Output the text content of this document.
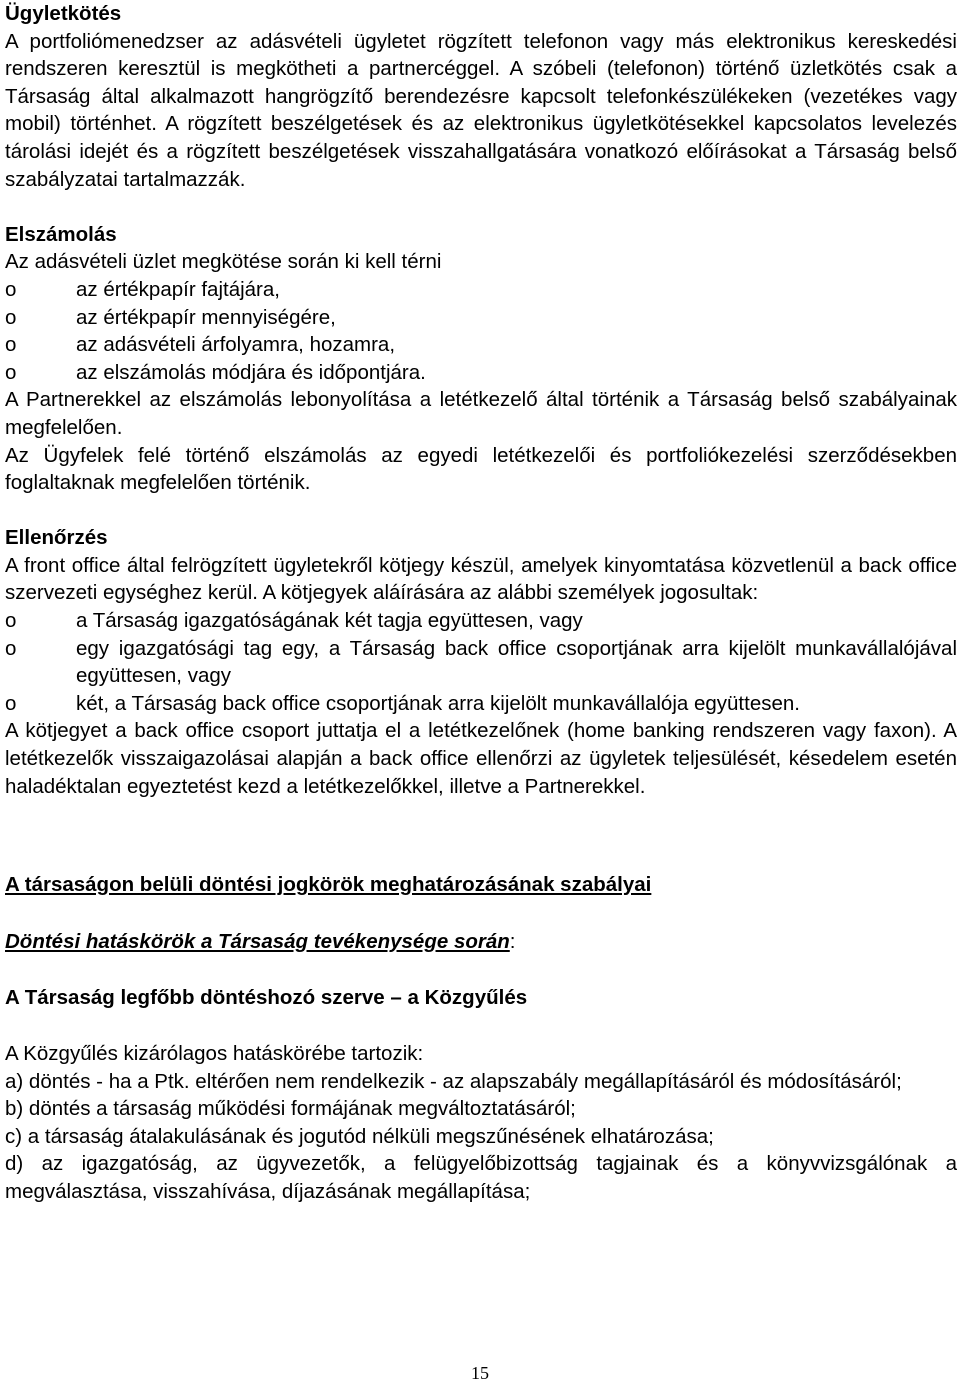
Ügyletkötés

A portfoliómenedzser az adásvételi ügyletet rögzített telefonon vagy más elektronikus kereskedési rendszeren keresztül is megkötheti a partnercéggel. A szóbeli (telefonon) történő üzletkötés csak a Társaság által alkalmazott hangrögzítő berendezésre kapcsolt telefonkészülékeken (vezetékes vagy mobil) történhet. A rögzített beszélgetések és az elektronikus ügyletkötésekkel kapcsolatos levelezés tárolási idejét és a rögzített beszélgetések visszahallgatására vonatkozó előírásokat a Társaság belső szabályzatai tartalmazzák.

Elszámolás

Az adásvételi üzlet megkötése során ki kell térni

o	az értékpapír fajtájára,
o	az értékpapír mennyiségére,
o	az adásvételi árfolyamra, hozamra,
o	az elszámolás módjára és időpontjára.

A Partnerekkel az elszámolás lebonyolítása a letétkezelő által történik a Társaság belső szabályainak megfelelően.

Az Ügyfelek felé történő elszámolás az egyedi letétkezelői és portfoliókezelési szerződésekben foglaltaknak megfelelően történik.

Ellenőrzés

A front office által felrögzített ügyletekről kötjegy készül, amelyek kinyomtatása közvetlenül a back office szervezeti egységhez kerül. A kötjegyek aláírására az alábbi személyek jogosultak:

o	a Társaság igazgatóságának két tagja együttesen, vagy
o	egy igazgatósági tag egy, a Társaság back office csoportjának arra kijelölt munkavállalójával együttesen, vagy
o	két, a Társaság back office csoportjának arra kijelölt munkavállalója együttesen.

A kötjegyet a back office csoport juttatja el a letétkezelőnek (home banking rendszeren vagy faxon). A letétkezelők visszaigazolásai alapján a back office ellenőrzi az ügyletek teljesülését, késedelem esetén haladéktalan egyeztetést kezd a letétkezelőkkel, illetve a Partnerekkel.

A társaságon belüli döntési jogkörök meghatározásának szabályai

Döntési hatáskörök a Társaság tevékenysége során:

A Társaság legfőbb döntéshozó szerve – a Közgyűlés

A Közgyűlés kizárólagos hatáskörébe tartozik:

a) döntés - ha a Ptk. eltérően nem rendelkezik - az alapszabály megállapításáról és módosításáról;

b) döntés a társaság működési formájának megváltoztatásáról;

c) a társaság átalakulásának és jogutód nélküli megszűnésének elhatározása;

d) az igazgatóság, az ügyvezetők, a felügyelőbizottság tagjainak és a könyvvizsgálónak a megválasztása, visszahívása, díjazásának megállapítása;

15
